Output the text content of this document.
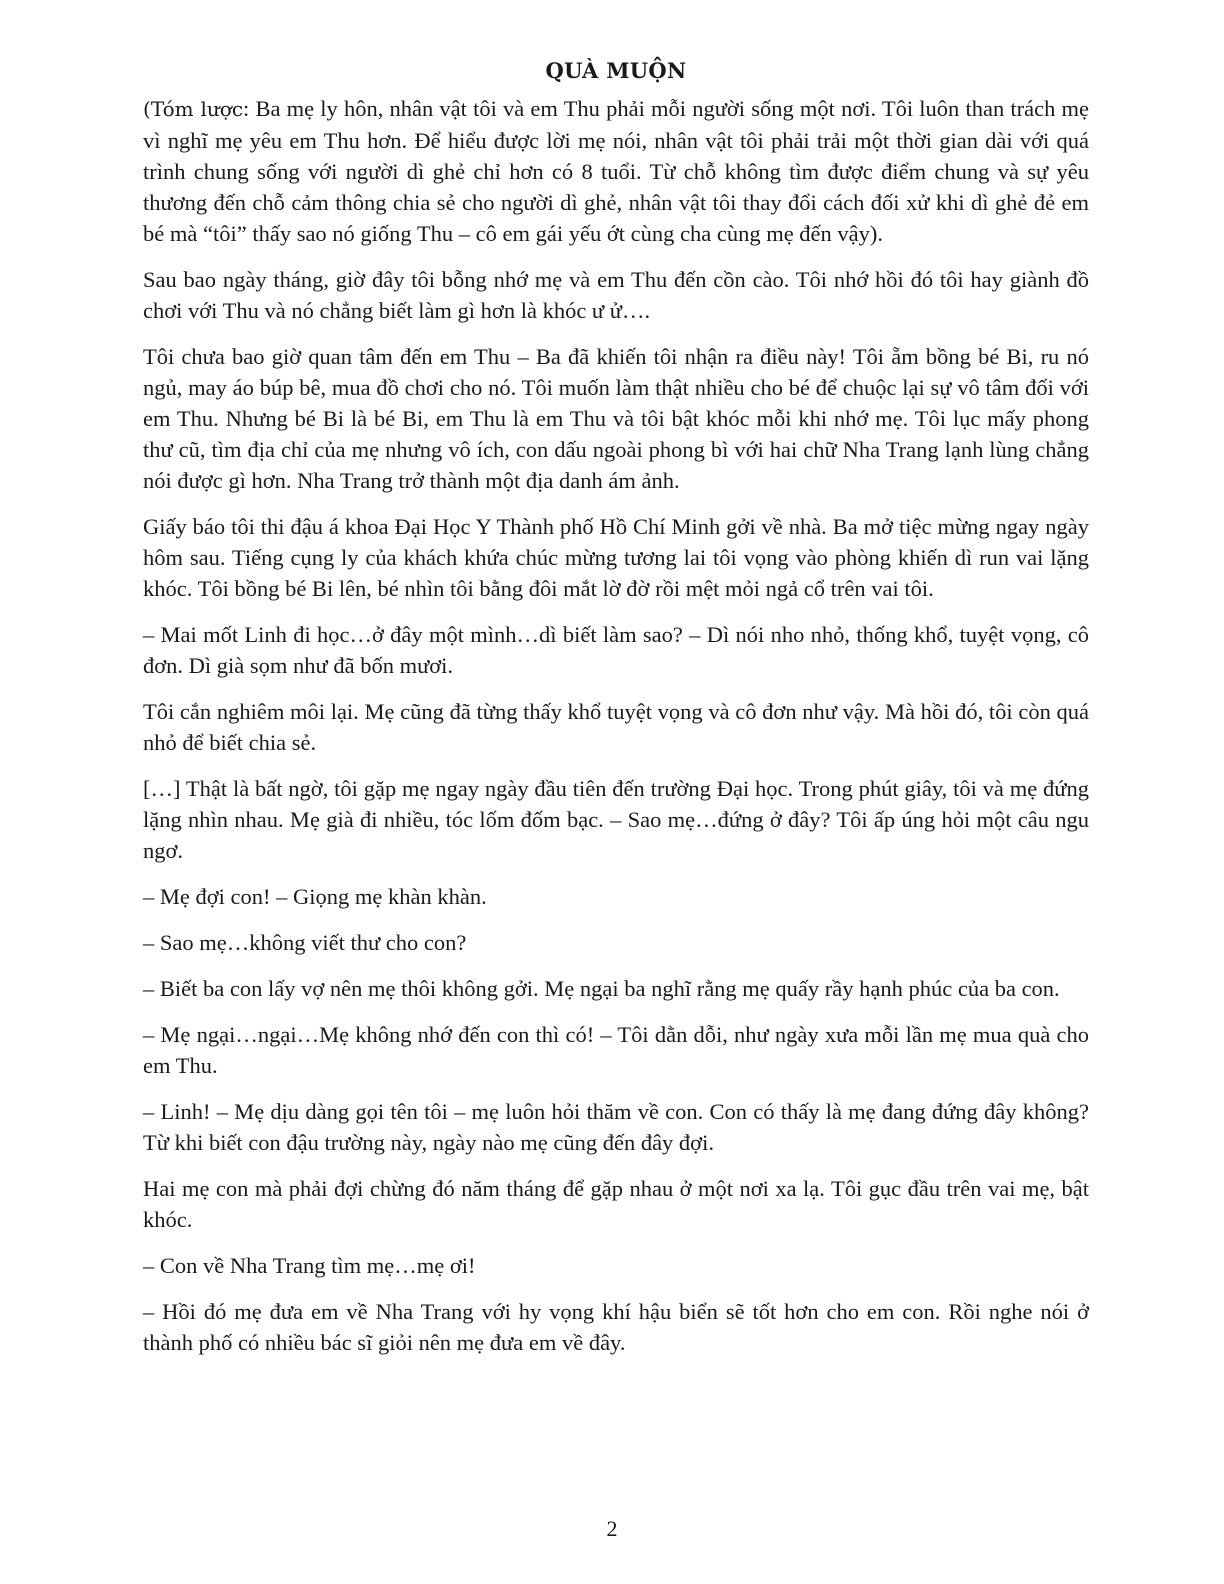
QUÀ MUỘN

(Tóm lược: Ba mẹ ly hôn, nhân vật tôi và em Thu phải mỗi người sống một nơi. Tôi luôn than trách mẹ vì nghĩ mẹ yêu em Thu hơn. Để hiểu được lời mẹ nói, nhân vật tôi phải trải một thời gian dài với quá trình chung sống với người dì ghẻ chỉ hơn có 8 tuổi. Từ chỗ không tìm được điểm chung và sự yêu thương đến chỗ cảm thông chia sẻ cho người dì ghẻ, nhân vật tôi thay đổi cách đối xử khi dì ghẻ đẻ em bé mà “tôi” thấy sao nó giống Thu – cô em gái yếu ớt cùng cha cùng mẹ đến vậy).

Sau bao ngày tháng, giờ đây tôi bỗng nhớ mẹ và em Thu đến cồn cào. Tôi nhớ hồi đó tôi hay giành đồ chơi với Thu và nó chẳng biết làm gì hơn là khóc ư ử….

Tôi chưa bao giờ quan tâm đến em Thu – Ba đã khiến tôi nhận ra điều này! Tôi ẵm bồng bé Bi, ru nó ngủ, may áo búp bê, mua đồ chơi cho nó. Tôi muốn làm thật nhiều cho bé để chuộc lại sự vô tâm đối với em Thu. Nhưng bé Bi là bé Bi, em Thu là em Thu và tôi bật khóc mỗi khi nhớ mẹ. Tôi lục mấy phong thư cũ, tìm địa chỉ của mẹ nhưng vô ích, con dấu ngoài phong bì với hai chữ Nha Trang lạnh lùng chẳng nói được gì hơn. Nha Trang trở thành một địa danh ám ảnh.

Giấy báo tôi thi đậu á khoa Đại Học Y Thành phố Hồ Chí Minh gởi về nhà. Ba mở tiệc mừng ngay ngày hôm sau. Tiếng cụng ly của khách khứa chúc mừng tương lai tôi vọng vào phòng khiến dì run vai lặng khóc. Tôi bồng bé Bi lên, bé nhìn tôi bằng đôi mắt lờ đờ rồi mệt mỏi ngả cổ trên vai tôi.

– Mai mốt Linh đi học…ở đây một mình…dì biết làm sao? – Dì nói nho nhỏ, thống khổ, tuyệt vọng, cô đơn. Dì già sọm như đã bốn mươi.

Tôi cắn nghiêm môi lại. Mẹ cũng đã từng thấy khổ tuyệt vọng và cô đơn như vậy. Mà hồi đó, tôi còn quá nhỏ để biết chia sẻ.

[…] Thật là bất ngờ, tôi gặp mẹ ngay ngày đầu tiên đến trường Đại học. Trong phút giây, tôi và mẹ đứng lặng nhìn nhau. Mẹ già đi nhiều, tóc lốm đốm bạc. – Sao mẹ…đứng ở đây? Tôi ấp úng hỏi một câu ngu ngơ.

– Mẹ đợi con! – Giọng mẹ khàn khàn.

– Sao mẹ…không viết thư cho con?

– Biết ba con lấy vợ nên mẹ thôi không gởi. Mẹ ngại ba nghĩ rằng mẹ quấy rầy hạnh phúc của ba con.

– Mẹ ngại…ngại…Mẹ không nhớ đến con thì có! – Tôi dằn dỗi, như ngày xưa mỗi lần mẹ mua quà cho em Thu.

– Linh! – Mẹ dịu dàng gọi tên tôi – mẹ luôn hỏi thăm về con. Con có thấy là mẹ đang đứng đây không? Từ khi biết con đậu trường này, ngày nào mẹ cũng đến đây đợi.

Hai mẹ con mà phải đợi chừng đó năm tháng để gặp nhau ở một nơi xa lạ. Tôi gục đầu trên vai mẹ, bật khóc.

– Con về Nha Trang tìm mẹ…mẹ ơi!

– Hồi đó mẹ đưa em về Nha Trang với hy vọng khí hậu biển sẽ tốt hơn cho em con. Rồi nghe nói ở thành phố có nhiều bác sĩ giỏi nên mẹ đưa em về đây.

2
